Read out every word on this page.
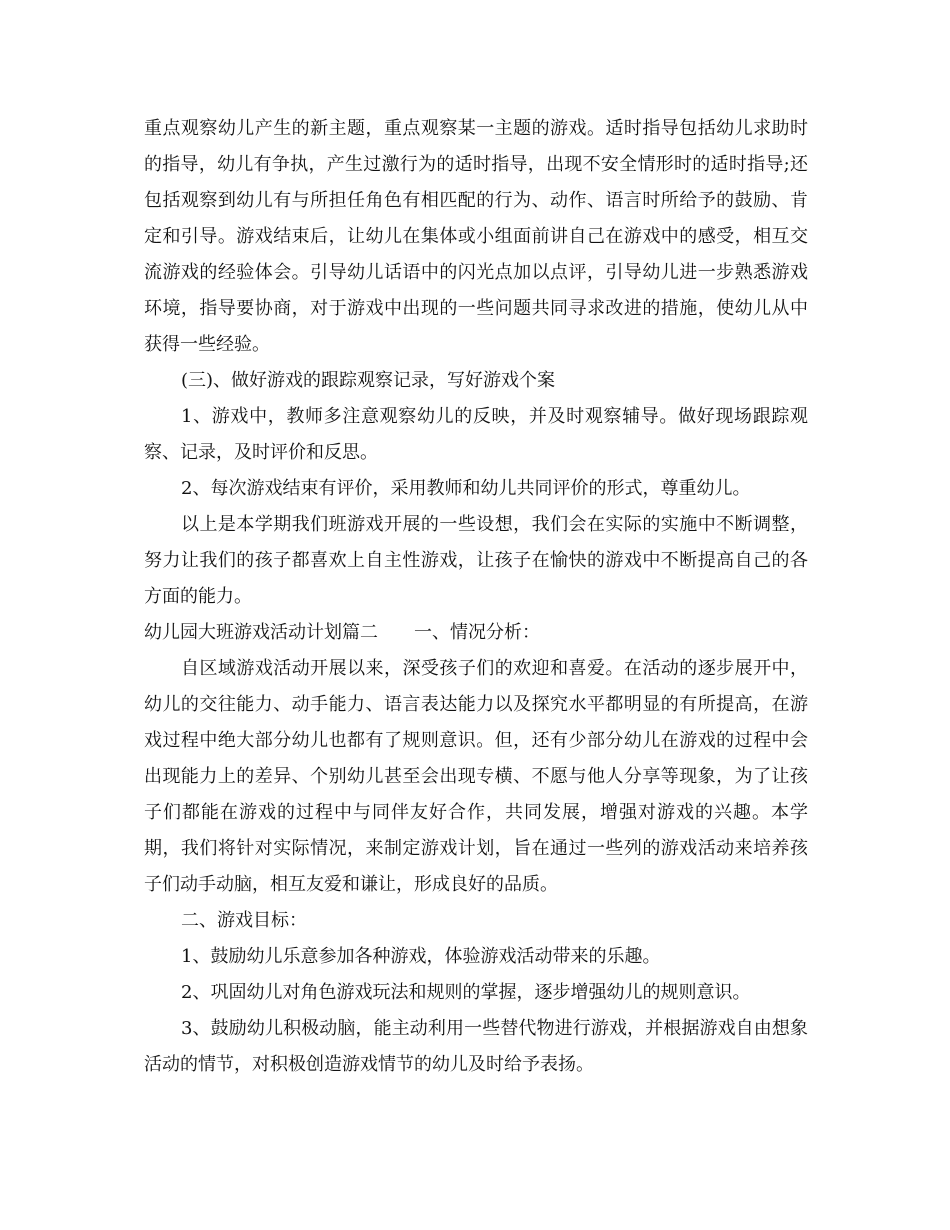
重点观察幼儿产生的新主题，重点观察某一主题的游戏。适时指导包括幼儿求助时的指导，幼儿有争执，产生过激行为的适时指导，出现不安全情形时的适时指导;还包括观察到幼儿有与所担任角色有相匹配的行为、动作、语言时所给予的鼓励、肯定和引导。游戏结束后，让幼儿在集体或小组面前讲自己在游戏中的感受，相互交流游戏的经验体会。引导幼儿话语中的闪光点加以点评，引导幼儿进一步熟悉游戏环境，指导要协商，对于游戏中出现的一些问题共同寻求改进的措施，使幼儿从中获得一些经验。

(三)、做好游戏的跟踪观察记录，写好游戏个案

1、游戏中，教师多注意观察幼儿的反映，并及时观察辅导。做好现场跟踪观察、记录，及时评价和反思。

2、每次游戏结束有评价，采用教师和幼儿共同评价的形式，尊重幼儿。

以上是本学期我们班游戏开展的一些设想，我们会在实际的实施中不断调整，努力让我们的孩子都喜欢上自主性游戏，让孩子在愉快的游戏中不断提高自己的各方面的能力。

幼儿园大班游戏活动计划篇二　　一、情况分析：

自区域游戏活动开展以来，深受孩子们的欢迎和喜爱。在活动的逐步展开中，幼儿的交往能力、动手能力、语言表达能力以及探究水平都明显的有所提高，在游戏过程中绝大部分幼儿也都有了规则意识。但，还有少部分幼儿在游戏的过程中会出现能力上的差异、个别幼儿甚至会出现专横、不愿与他人分享等现象，为了让孩子们都能在游戏的过程中与同伴友好合作，共同发展，增强对游戏的兴趣。本学期，我们将针对实际情况，来制定游戏计划，旨在通过一些列的游戏活动来培养孩子们动手动脑，相互友爱和谦让，形成良好的品质。

二、游戏目标：

1、鼓励幼儿乐意参加各种游戏，体验游戏活动带来的乐趣。

2、巩固幼儿对角色游戏玩法和规则的掌握，逐步增强幼儿的规则意识。

3、鼓励幼儿积极动脑，能主动利用一些替代物进行游戏，并根据游戏自由想象活动的情节，对积极创造游戏情节的幼儿及时给予表扬。
